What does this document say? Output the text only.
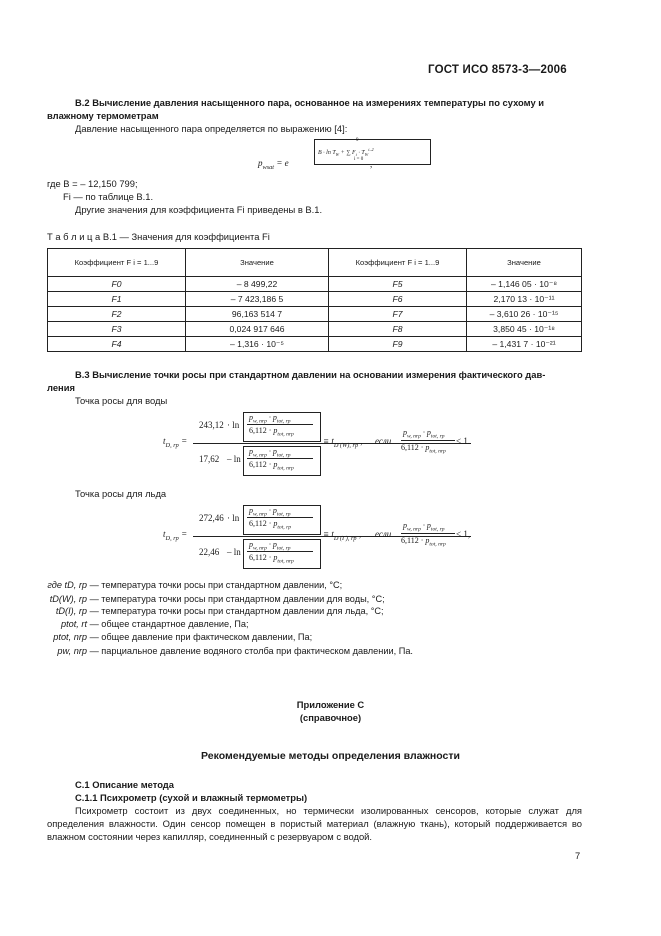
ГОСТ ИСО 8573-3—2006
В.2 Вычисление давления насыщенного пара, основанное на измерениях температуры по сухому и
влажному термометрам
Давление насыщенного пара определяется по выражению [4]:
$p_{wsat} = e$
$B \cdot \ln T_W$ + ∑ $F_i \cdot T_W^{i-2}$
9
i = 0 ,
где B = – 12,150 799;
Fi — по таблице В.1.
Другие значения для коэффициента Fi приведены в В.1.
Т а б л и ц а В.1 — Значения для коэффициента Fi
Коэффициент F i = 1...9	Значение	Коэффициент F i = 1...9	Значение
F0	– 8 499,22	F5	– 1,146 05 · 10⁻⁸
F1	– 7 423,186 5	F6	2,170 13 · 10⁻¹¹
F2	96,163 514 7	F7	– 3,610 26 · 10⁻¹⁵
F3	0,024 917 646	F8	3,850 45 · 10⁻¹⁸
F4	– 1,316 · 10⁻⁵	F9	– 1,431 7 · 10⁻²¹
В.3 Вычисление точки росы при стандартном давлении на основании измерения фактического дав-
ления
Точка росы для воды
$t_{D, rp}$ =
243,12 · ln
$p_{w, nrp} \cdot p_{tot, rp}$
$6,112 \cdot p_{tot, nrp}$
17,62 – ln
$p_{w, nrp} \cdot p_{tot, rp}$
$6,112 \cdot p_{tot, nrp}$
≡ $t_{D (W), rp}$ , если
$p_{w, nrp} \cdot p_{tot, rp}$
$6,112 \cdot p_{tot, nrp}$
< 1.
Точка росы для льда
$t_{D, rp}$ =
272,46 · ln
$p_{w, nrp} \cdot p_{tot, rp}$
$6,112 \cdot p_{tot, rp}$
22,46 – ln
$p_{w, nrp} \cdot p_{tot, rp}$
$6,112 \cdot p_{tot, nrp}$
≡ $t_{D (I ), rp}$ , если
$p_{w, nrp} \cdot p_{tot, rp}$
$6,112 \cdot p_{tot, nrp}$
< 1,
где tD, rp — температура точки росы при стандартном давлении, °С;
tD(W), rp — температура точки росы при стандартном давлении для воды, °С;
tD(I), rp — температура точки росы при стандартном давлении для льда, °С;
ptot, rt — общее стандартное давление, Па;
ptot, nrp — общее давление при фактическом давлении, Па;
pw, nrp — парциальное давление водяного столба при фактическом давлении, Па.
Приложение С
(справочное)
Рекомендуемые методы определения влажности
С.1 Описание метода
С.1.1 Психрометр (сухой и влажный термометры)
Психрометр состоит из двух соединенных, но термически изолированных сенсоров, которые служат для
определения влажности. Один сенсор помещен в пористый материал (влажную ткань), который поддерживается во
влажном состоянии через капилляр, соединенный с резервуаром с водой.
7
